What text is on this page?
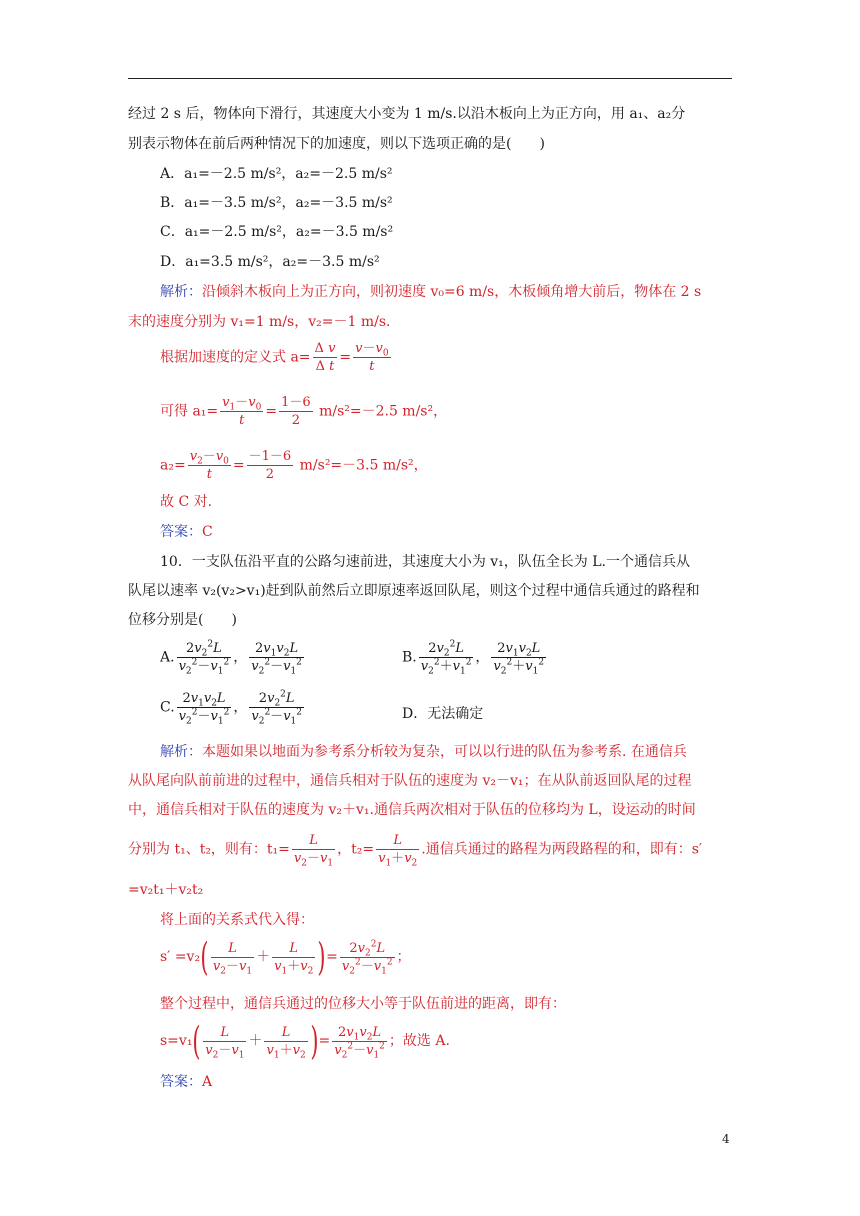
经过 2 s 后，物体向下滑行，其速度大小变为 1 m/s.以沿木板向上为正方向，用 a₁、a₂分
别表示物体在前后两种情况下的加速度，则以下选项正确的是(　　)
A．a₁=－2.5 m/s²，a₂=－2.5 m/s²
B．a₁=－3.5 m/s²，a₂=－3.5 m/s²
C．a₁=－2.5 m/s²，a₂=－3.5 m/s²
D．a₁=3.5 m/s²，a₂=－3.5 m/s²
解析：沿倾斜木板向上为正方向，则初速度 v₀=6 m/s，木板倾角增大前后，物体在 2 s
末的速度分别为 v₁=1 m/s，v₂=－1 m/s.
根据加速度的定义式 $a= \frac{\text{Δ v}}{\text{Δ t}} = \frac{v-v_0}{t}$
可得 $a_1= \frac{v_1-v_0}{t} = \frac{1-6}{2} m/s^2=-2.5$ m/s²，
$a_2= \frac{v_2-v_0}{t} = \frac{-1-6}{2} m/s^2=-3.5$ m/s²，
故 C 对.
答案：C
10．一支队伍沿平直的公路匀速前进，其速度大小为 v₁，队伍全长为 L.一个通信兵从
队尾以速率 v₂(v₂>v₁)赶到队前然后立即原速率返回队尾，则这个过程中通信兵通过的路程和
位移分别是(　　)
A. $\frac{2v_2^2L}{v_2^2-v_1^2}$ ， $\frac{2v_1v_2L}{v_2^2-v_1^2}$	B. $\frac{2v_2^2L}{v_2^2+v_1^2}$ ， $\frac{2v_1v_2L}{v_2^2+v_1^2}$
C. $\frac{2v_1v_2L}{v_2^2-v_1^2}$ ， $\frac{2v_2^2L}{v_2^2-v_1^2}$	D．无法确定
解析：本题如果以地面为参考系分析较为复杂，可以以行进的队伍为参考系. 在通信兵
从队尾向队前前进的过程中，通信兵相对于队伍的速度为 v₂－v₁；在从队前返回队尾的过程
中，通信兵相对于队伍的速度为 v₂＋v₁.通信兵两次相对于队伍的位移均为 L，设运动的时间
分别为 t₁、t₂，则有：$t_1= \frac{L}{v_2-v_1}$ ，$t_2= \frac{L}{v_1+v_2}$ .通信兵通过的路程为两段路程的和，即有：s′
=v₂t₁＋v₂t₂
将上面的关系式代入得：
$s' =v_2( \frac{L}{v_2-v_1} + \frac{L}{v_1+v_2}$ )= $\frac{2v_2^2L}{v_2^2-v_1^2}$ ；
整个过程中，通信兵通过的位移大小等于队伍前进的距离，即有：
$s=v_1( \frac{L}{v_2-v_1} + \frac{L}{v_1+v_2}$ )= $\frac{2v_1v_2L}{v_2^2-v_1^2}$ ；故选 A.
答案：A
4
